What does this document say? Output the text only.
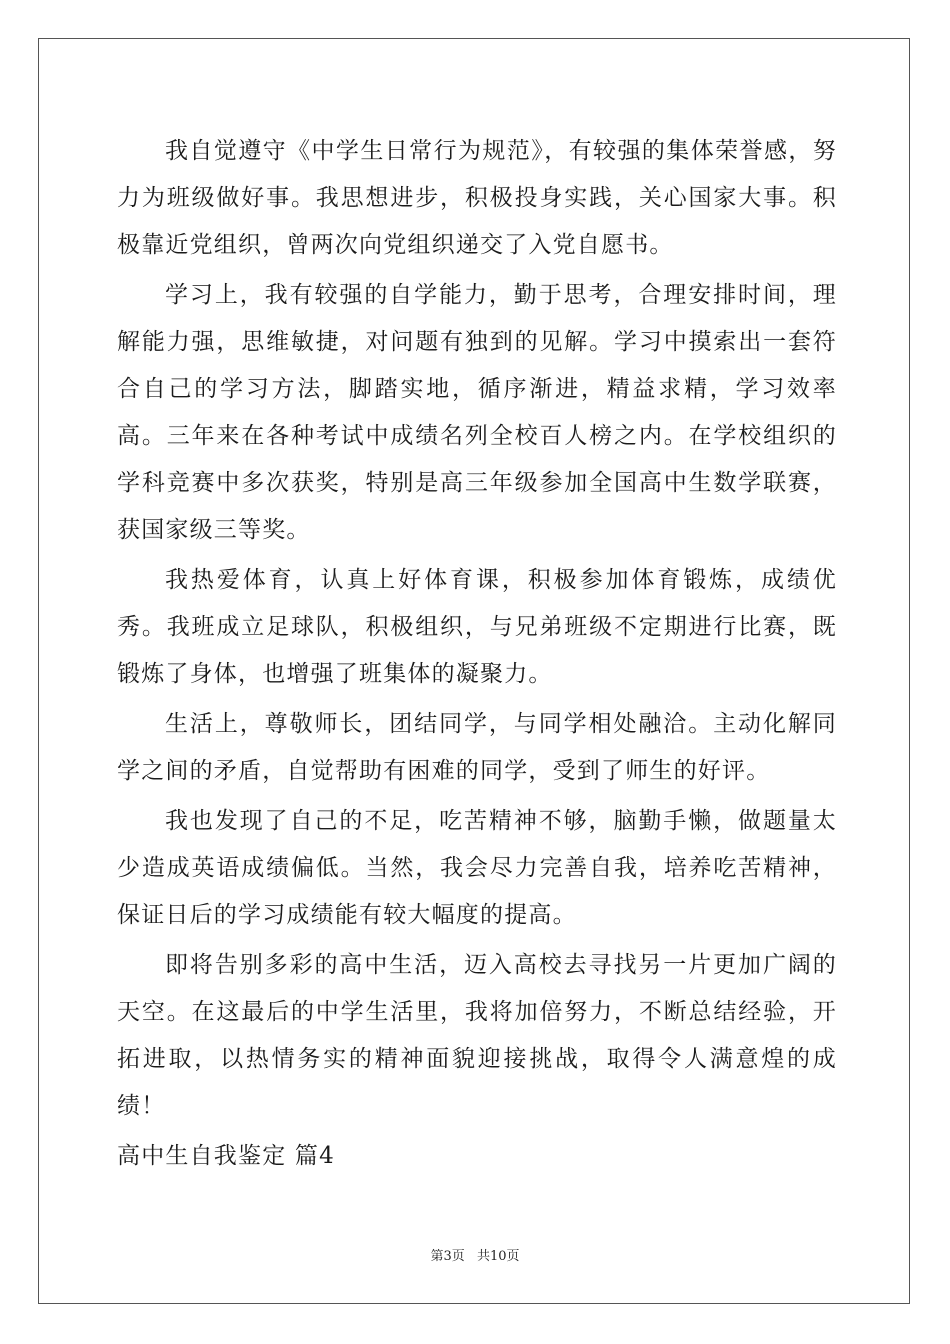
我自觉遵守《中学生日常行为规范》，有较强的集体荣誉感，努力为班级做好事。我思想进步，积极投身实践，关心国家大事。积极靠近党组织，曾两次向党组织递交了入党自愿书。

学习上，我有较强的自学能力，勤于思考，合理安排时间，理解能力强，思维敏捷，对问题有独到的见解。学习中摸索出一套符合自己的学习方法，脚踏实地，循序渐进，精益求精，学习效率高。三年来在各种考试中成绩名列全校百人榜之内。在学校组织的学科竞赛中多次获奖，特别是高三年级参加全国高中生数学联赛，获国家级三等奖。

我热爱体育，认真上好体育课，积极参加体育锻炼，成绩优秀。我班成立足球队，积极组织，与兄弟班级不定期进行比赛，既锻炼了身体，也增强了班集体的凝聚力。

生活上，尊敬师长，团结同学，与同学相处融洽。主动化解同学之间的矛盾，自觉帮助有困难的同学，受到了师生的好评。

我也发现了自己的不足，吃苦精神不够，脑勤手懒，做题量太少造成英语成绩偏低。当然，我会尽力完善自我，培养吃苦精神，保证日后的学习成绩能有较大幅度的提高。

即将告别多彩的高中生活，迈入高校去寻找另一片更加广阔的天空。在这最后的中学生活里，我将加倍努力，不断总结经验，开拓进取，以热情务实的精神面貌迎接挑战，取得令人满意煌的成绩！

高中生自我鉴定 篇4

第3页 共10页
